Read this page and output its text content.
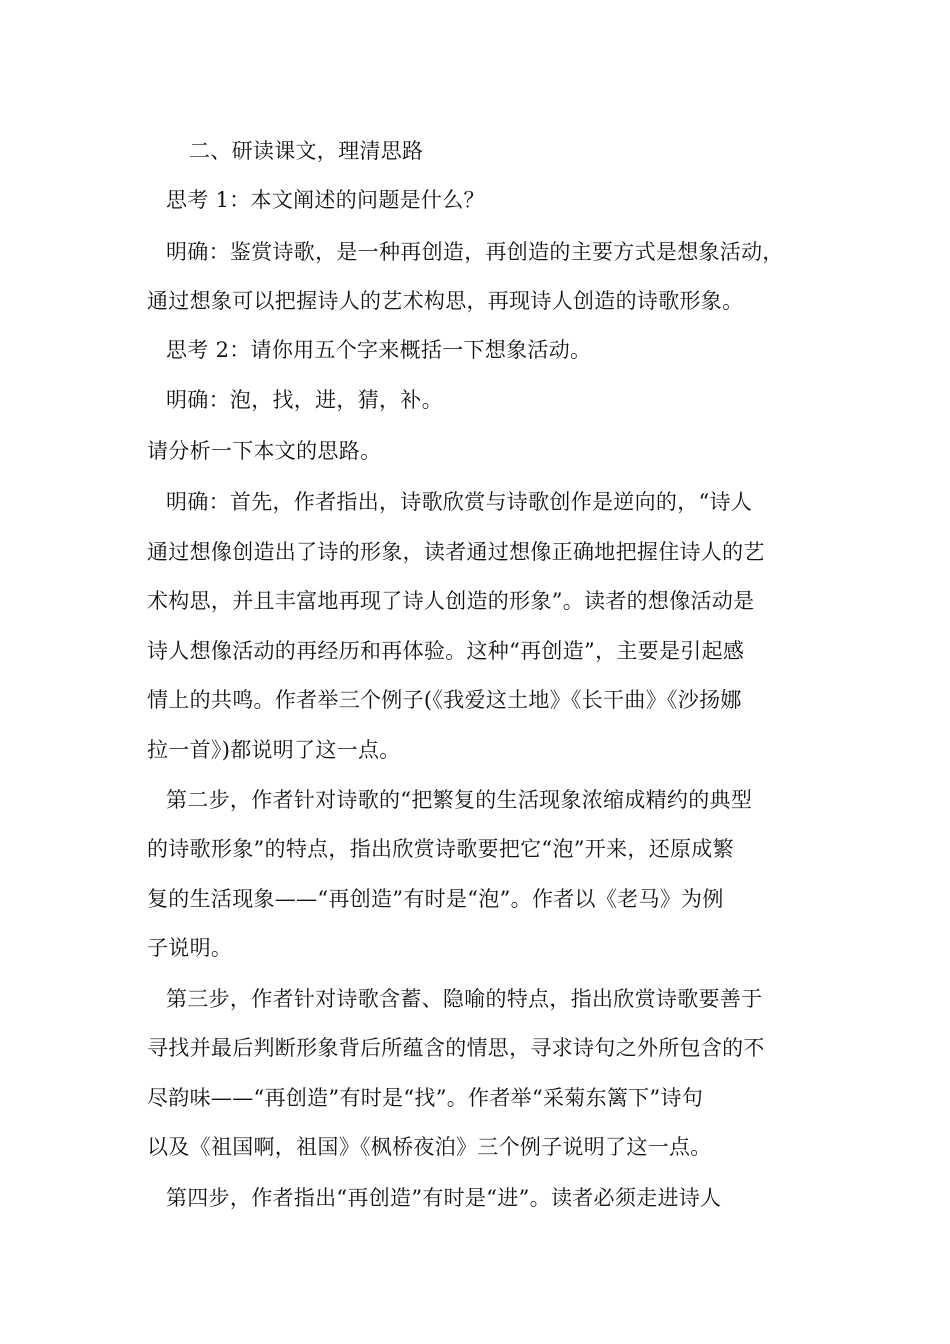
二、研读课文，理清思路
思考 1：本文阐述的问题是什么？
明确：鉴赏诗歌，是一种再创造，再创造的主要方式是想象活动，
通过想象可以把握诗人的艺术构思，再现诗人创造的诗歌形象。
思考 2：请你用五个字来概括一下想象活动。
明确：泡，找，进，猜，补。
请分析一下本文的思路。
明确：首先，作者指出，诗歌欣赏与诗歌创作是逆向的，“诗人
通过想像创造出了诗的形象，读者通过想像正确地把握住诗人的艺
术构思，并且丰富地再现了诗人创造的形象”。读者的想像活动是
诗人想像活动的再经历和再体验。这种“再创造”，主要是引起感
情上的共鸣。作者举三个例子(《我爱这土地》《长干曲》《沙扬娜
拉一首》)都说明了这一点。
第二步，作者针对诗歌的“把繁复的生活现象浓缩成精约的典型
的诗歌形象”的特点，指出欣赏诗歌要把它“泡”开来，还原成繁
复的生活现象——“再创造”有时是“泡”。作者以《老马》为例
子说明。
第三步，作者针对诗歌含蓄、隐喻的特点，指出欣赏诗歌要善于
寻找并最后判断形象背后所蕴含的情思，寻求诗句之外所包含的不
尽韵味——“再创造”有时是“找”。作者举“采菊东篱下”诗句
以及《祖国啊，祖国》《枫桥夜泊》三个例子说明了这一点。
第四步，作者指出“再创造”有时是“进”。读者必须走进诗人
